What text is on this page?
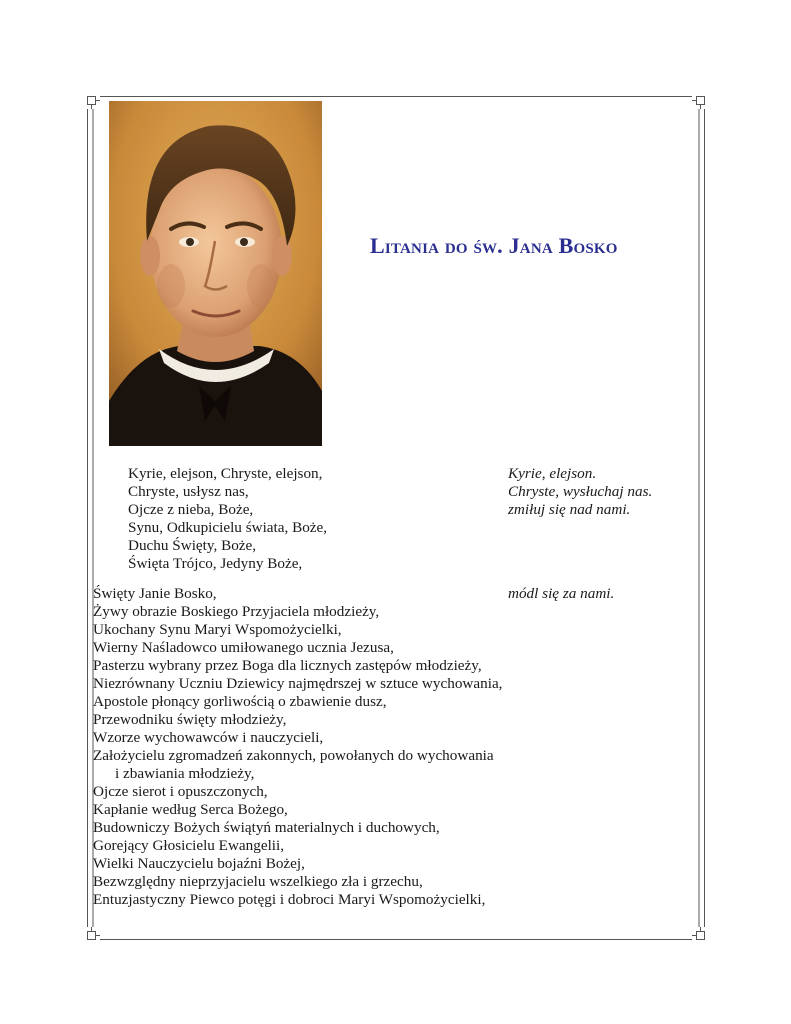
Litania do św. Jana Bosko
Kyrie, elejson, Chryste, elejson,
Chryste, usłysz nas,
Ojcze z nieba, Boże,
Synu, Odkupicielu świata, Boże,
Duchu Święty, Boże,
Święta Trójco, Jedyny Boże,
Kyrie, elejson.
Chryste, wysłuchaj nas.
zmiłuj się nad nami.
módl się za nami.
Święty Janie Bosko,
Żywy obrazie Boskiego Przyjaciela młodzieży,
Ukochany Synu Maryi Wspomożycielki,
Wierny Naśladowco umiłowanego ucznia Jezusa,
Pasterzu wybrany przez Boga dla licznych zastępów młodzieży,
Niezrównany Uczniu Dziewicy najmędrszej w sztuce wychowania,
Apostole płonący gorliwością o zbawienie dusz,
Przewodniku święty młodzieży,
Wzorze wychowawców i nauczycieli,
Założycielu zgromadzeń zakonnych, powołanych do wychowania
i zbawiania młodzieży,
Ojcze sierot i opuszczonych,
Kapłanie według Serca Bożego,
Budowniczy Bożych świątyń materialnych i duchowych,
Gorejący Głosicielu Ewangelii,
Wielki Nauczycielu bojaźni Bożej,
Bezwzględny nieprzyjacielu wszelkiego zła i grzechu,
Entuzjastyczny Piewco potęgi i dobroci Maryi Wspomożycielki,
